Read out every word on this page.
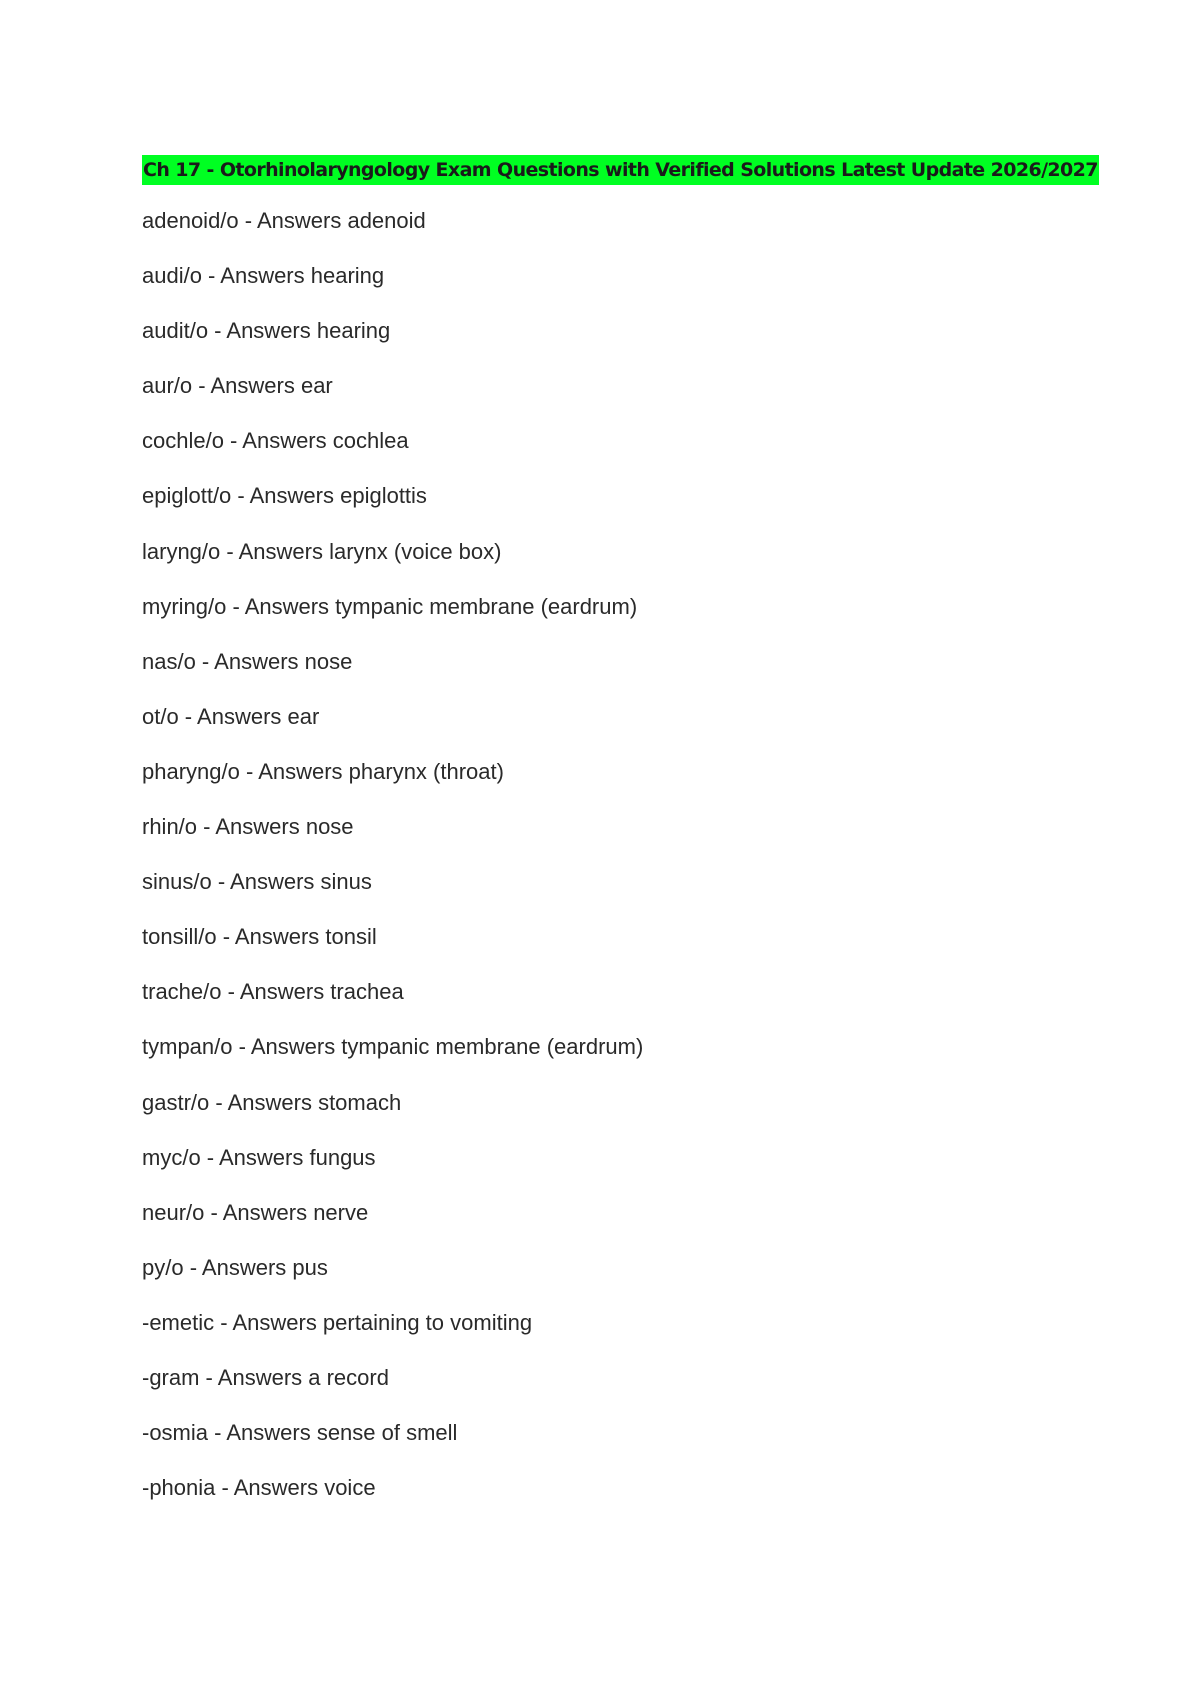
Ch 17 - Otorhinolaryngology Exam Questions with Verified Solutions Latest Update 2026/2027
adenoid/o - Answers adenoid
audi/o - Answers hearing
audit/o - Answers hearing
aur/o - Answers ear
cochle/o - Answers cochlea
epiglott/o - Answers epiglottis
laryng/o - Answers larynx (voice box)
myring/o - Answers tympanic membrane (eardrum)
nas/o - Answers nose
ot/o - Answers ear
pharyng/o - Answers pharynx (throat)
rhin/o - Answers nose
sinus/o - Answers sinus
tonsill/o - Answers tonsil
trache/o - Answers trachea
tympan/o - Answers tympanic membrane (eardrum)
gastr/o - Answers stomach
myc/o - Answers fungus
neur/o - Answers nerve
py/o - Answers pus
-emetic - Answers pertaining to vomiting
-gram - Answers a record
-osmia - Answers sense of smell
-phonia - Answers voice
